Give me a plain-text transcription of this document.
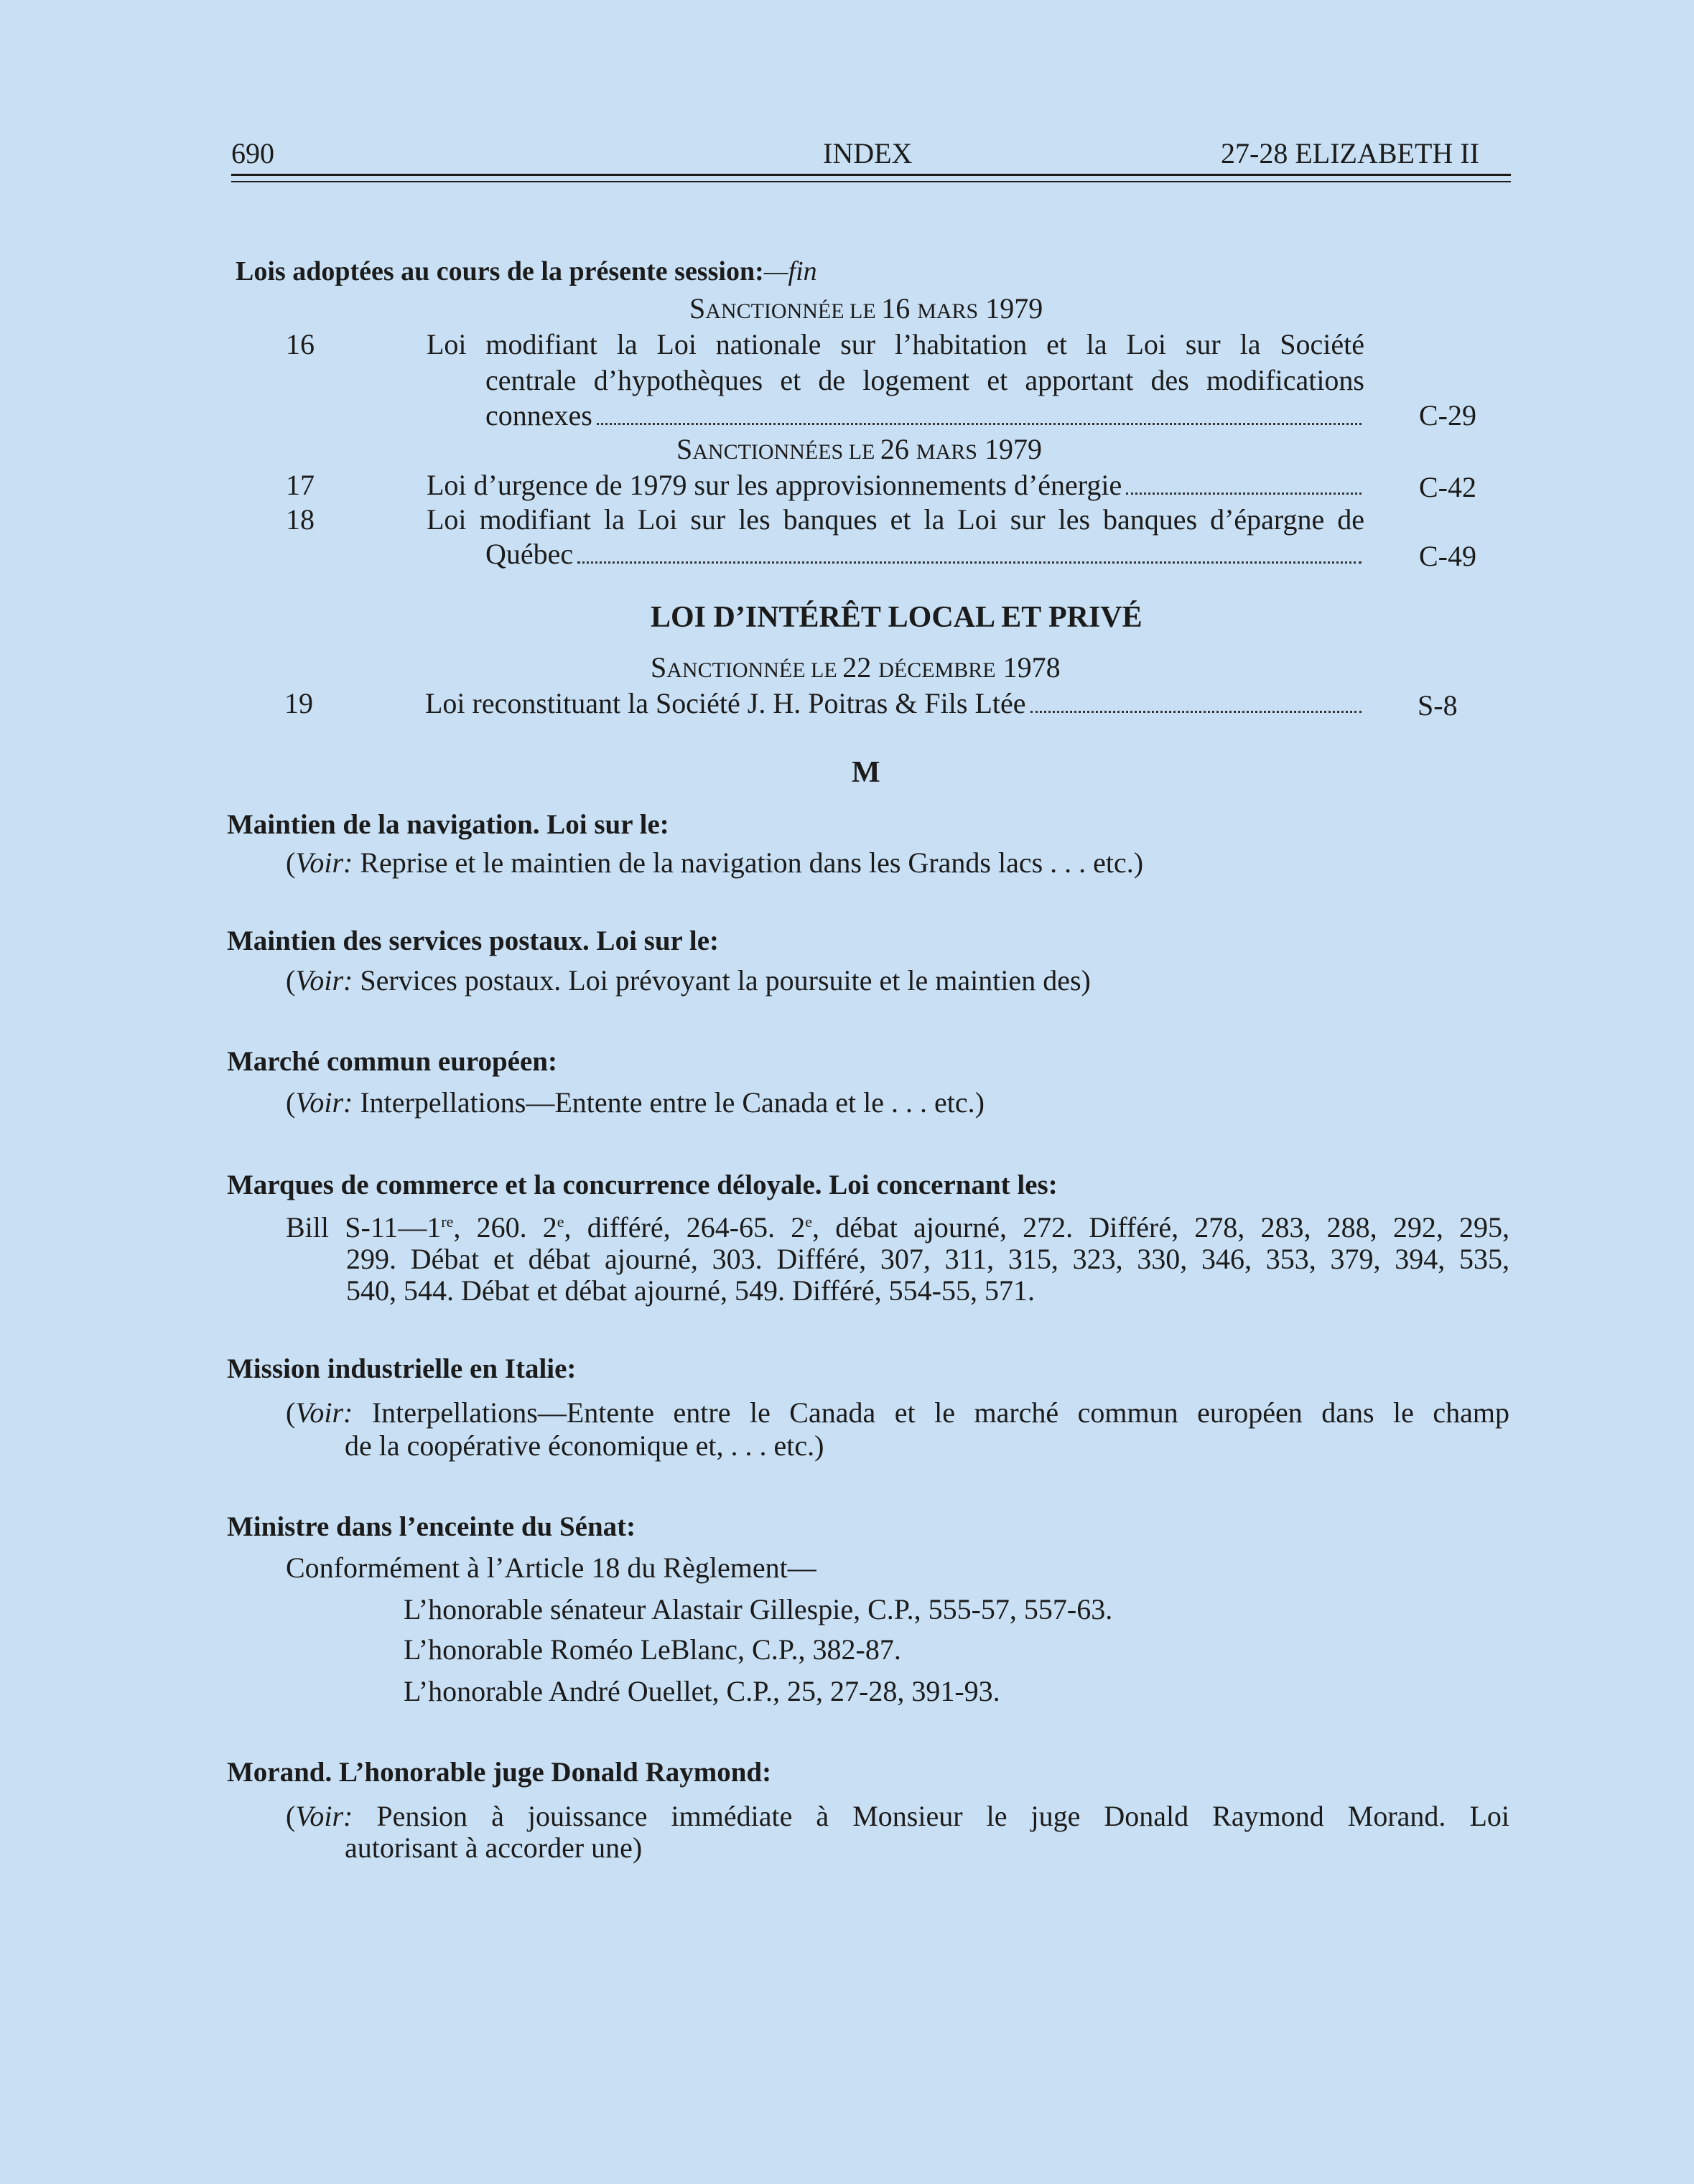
690	INDEX	27-28 ELIZABETH II
Lois adoptées au cours de la présente session:—fin
SANCTIONNÉE LE 16 MARS 1979
16	Loi modifiant la Loi nationale sur l’habitation et la Loi sur la Société
centrale d’hypothèques et de logement et apportant des modifications
connexes	C-29
SANCTIONNÉES LE 26 MARS 1979
17	Loi d’urgence de 1979 sur les approvisionnements d’énergie	C-42
18	Loi modifiant la Loi sur les banques et la Loi sur les banques d’épargne de
Québec	C-49
LOI D’INTÉRÊT LOCAL ET PRIVÉ
SANCTIONNÉE LE 22 DÉCEMBRE 1978
19	Loi reconstituant la Société J. H. Poitras & Fils Ltée	S-8
M
Maintien de la navigation. Loi sur le:
(Voir: Reprise et le maintien de la navigation dans les Grands lacs . . . etc.)
Maintien des services postaux. Loi sur le:
(Voir: Services postaux. Loi prévoyant la poursuite et le maintien des)
Marché commun européen:
(Voir: Interpellations—Entente entre le Canada et le . . . etc.)
Marques de commerce et la concurrence déloyale. Loi concernant les:
Bill S-11—1re, 260. 2e, différé, 264-65. 2e, débat ajourné, 272. Différé, 278, 283, 288, 292, 295,
299. Débat et débat ajourné, 303. Différé, 307, 311, 315, 323, 330, 346, 353, 379, 394, 535,
540, 544. Débat et débat ajourné, 549. Différé, 554-55, 571.
Mission industrielle en Italie:
(Voir: Interpellations—Entente entre le Canada et le marché commun européen dans le champ
de la coopérative économique et, . . . etc.)
Ministre dans l’enceinte du Sénat:
Conformément à l’Article 18 du Règlement—
L’honorable sénateur Alastair Gillespie, C.P., 555-57, 557-63.
L’honorable Roméo LeBlanc, C.P., 382-87.
L’honorable André Ouellet, C.P., 25, 27-28, 391-93.
Morand. L’honorable juge Donald Raymond:
(Voir: Pension à jouissance immédiate à Monsieur le juge Donald Raymond Morand. Loi
autorisant à accorder une)
